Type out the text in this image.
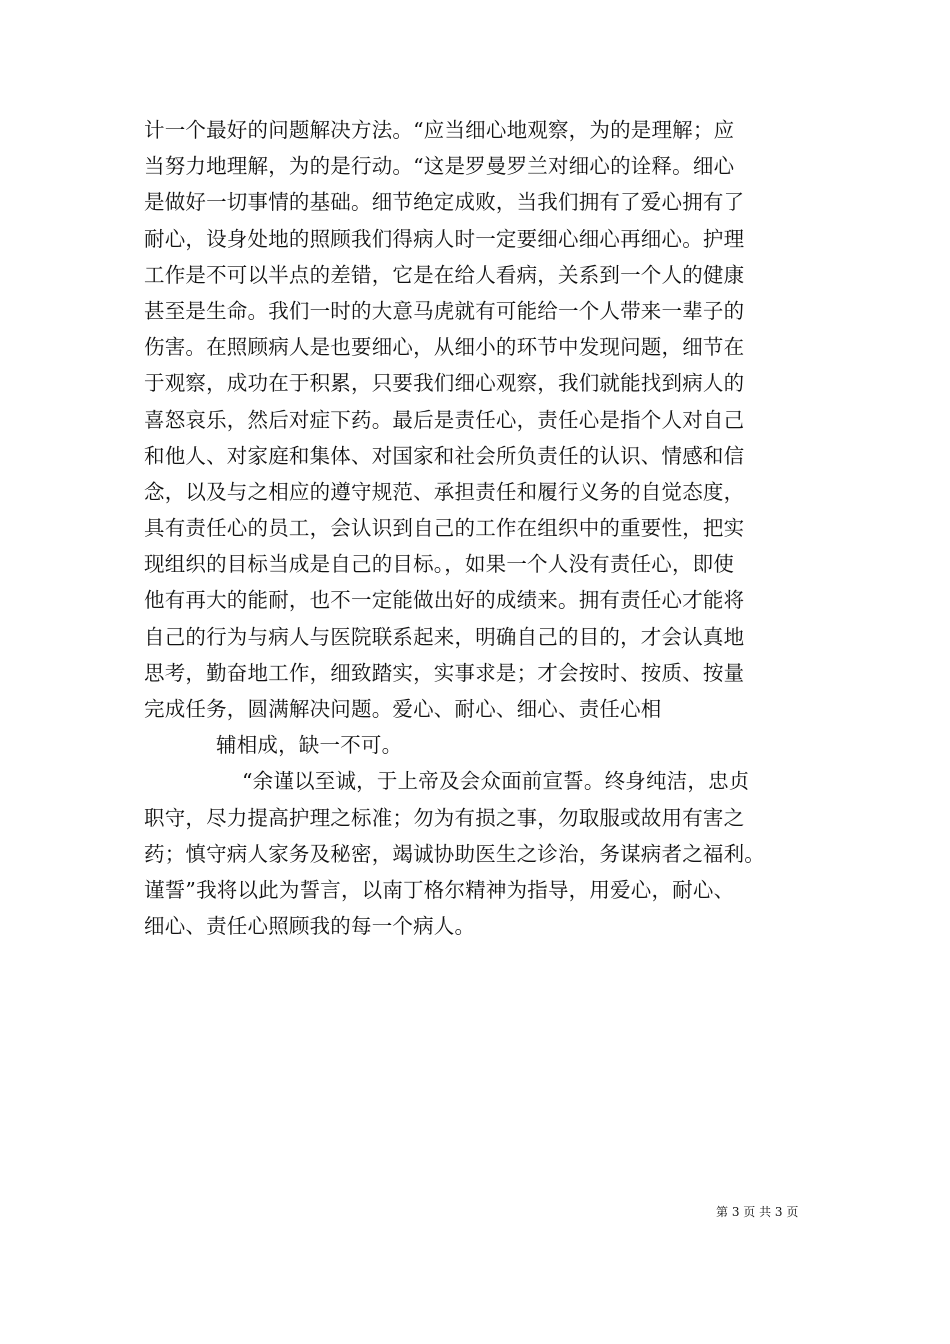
计一个最好的问题解决方法。“应当细心地观察，为的是理解；应
当努力地理解，为的是行动。“这是罗曼罗兰对细心的诠释。细心
是做好一切事情的基础。细节绝定成败，当我们拥有了爱心拥有了
耐心，设身处地的照顾我们得病人时一定要细心细心再细心。护理
工作是不可以半点的差错，它是在给人看病，关系到一个人的健康
甚至是生命。我们一时的大意马虎就有可能给一个人带来一辈子的
伤害。在照顾病人是也要细心，从细小的环节中发现问题，细节在
于观察，成功在于积累，只要我们细心观察，我们就能找到病人的
喜怒哀乐，然后对症下药。最后是责任心，责任心是指个人对自己
和他人、对家庭和集体、对国家和社会所负责任的认识、情感和信
念，以及与之相应的遵守规范、承担责任和履行义务的自觉态度，
具有责任心的员工，会认识到自己的工作在组织中的重要性，把实
现组织的目标当成是自己的目标。，如果一个人没有责任心，即使
他有再大的能耐，也不一定能做出好的成绩来。拥有责任心才能将
自己的行为与病人与医院联系起来，明确自己的目的，才会认真地
思考，勤奋地工作，细致踏实，实事求是；才会按时、按质、按量
完成任务，圆满解决问题。爱心、耐心、细心、责任心相
辅相成，缺一不可。
“余谨以至诚，于上帝及会众面前宣誓。终身纯洁，忠贞
职守，尽力提高护理之标准；勿为有损之事，勿取服或故用有害之
药；慎守病人家务及秘密，竭诚协助医生之诊治，务谋病者之福利。
谨誓”我将以此为誓言，以南丁格尔精神为指导，用爱心，耐心、
细心、责任心照顾我的每一个病人。
第 3 页 共 3 页
